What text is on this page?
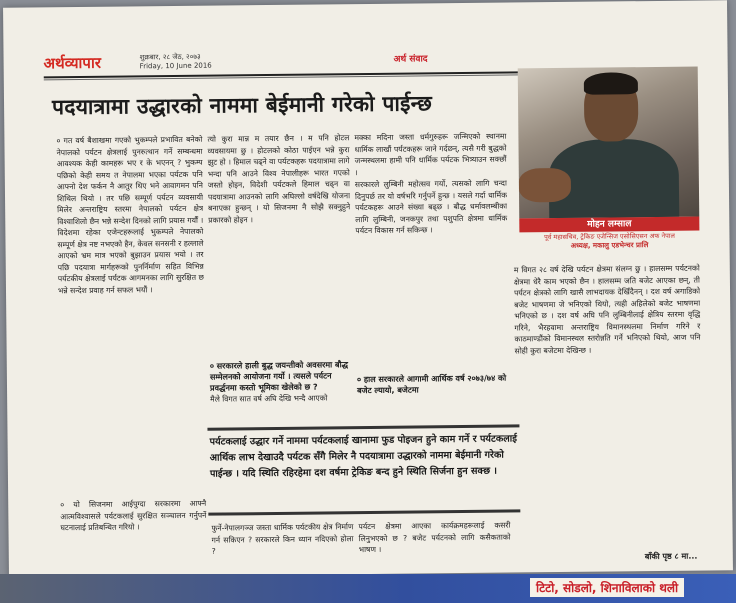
अर्थव्यापार	शुक्रबार, २८ जेठ, २०७३
Friday, 10 June 2016
अर्थ संवाद
पदयात्रामा उद्धारको नाममा बेईमानी गरेको पाईन्छ
मोहन लम्साल
पूर्व महासचिव, ट्रेकिङ एजेन्सिज एसोसिएसन अफ नेपाल
अध्यक्ष, मकालु एडभेन्चर प्रालि
० गत वर्ष बैशाखमा गएको भुकम्पले प्रभावित बनेको नेपालको पर्यटन क्षेत्रलाई पुनरुत्थान गर्ने सम्बन्धमा आवश्यक केही कामहरू भए र के भएनन् ? भुकम्प पछिको केही समय त नेपालमा भएका पर्यटक पनि आफ्नो देश फर्कन नै आतुर थिए भने आवागमन पनि शिथिल थियो । तर पछि सम्पूर्ण पर्यटन व्यवसायी मिलेर अन्तराष्ट्रिय स्तरमा नेपालको पर्यटन क्षेत्र विश्वाशिलो छैन भन्ने सन्देश दिनको लागि प्रयास गर्यौं । विदेशमा रहेका एजेन्टहरूलाई भुकम्पले नेपालको सम्पूर्ण क्षेत्र नष्ट नभएको हैन, केवल सनसनी र हल्लाले आएको भ्रम मात्र भएको बुझाउन प्रयास भयो । तर पछि पदयात्रा मार्गहरूको पुनर्निर्माण सहित विभिन्न पर्यटकीय क्षेत्रलाई पर्यटक आगमनका लागि सुरक्षित छ भन्ने सन्देश प्रवाह गर्न सफल भयौं ।
त्यो कुरा मान्न म तयार छैन । म पनि होटल व्यवसायमा छु । होटलको कोठा पाईएन भन्ने कुरा झुट हो । हिमाल चढ्ने वा पर्यटकहरू पदयात्रामा लागे भन्दा पनि आउने विश्व नेपालीहरू भारत गएको जस्तो होइन, विदेशी पर्यटकले हिमाल चढ्न वा पदयात्रामा आउनको लागि अघिल्लो वर्षदेखि योजना बनाएका हुन्छन् । यो सिजनमा नै सोझै सक्नुहुने प्रकारको होइन ।
मक्का मदिना जस्ता धर्मगुरुहरू जन्मिएको स्थानमा धार्मिक लाखौं पर्यटकहरू जाने गर्दछन्, त्यसै गरी बुद्धको जन्मस्थलमा हामी पनि धार्मिक पर्यटक भित्र्याउन सक्छौं ।
सरकारले लुम्बिनी महोत्सव गर्यो, त्यसको लागि चन्दा दिनुपर्छ तर यो वर्षभरि गर्नुपर्ने हुन्छ । यसले गर्दा धार्मिक पर्यटकहरू आउने संख्या बढ्छ । बौद्ध धर्मावलम्बीका लागि लुम्बिनी, जनकपुर तथा पशुपति क्षेत्रमा धार्मिक पर्यटन विकास गर्न सकिन्छ ।
म विगत २८ वर्ष देखि पर्यटन क्षेत्रमा संलग्न छु । हालसम्म पर्यटनको क्षेत्रमा धेरै काम भएको छैन । हालसम्म जति बजेट आएका छन्, ती पर्यटन क्षेत्रको लागि खासै लाभदायक देखिँदैनन् । दश वर्ष अगाडिको बजेट भाषणमा जे भनिएको थियो, त्यही अहिलेको बजेट भाषणमा भनिएको छ । दश वर्ष अघि पनि लुम्बिनीलाई क्षेत्रिय स्तरमा वृद्धि गरिने, भैरहवामा अन्तराष्ट्रिय विमानस्थलमा निर्माण गरिने र काठमाण्डौंको विमानस्थल स्तरोन्नति गर्ने भनिएको थियो, आज पनि सोही कुरा बजेटमा देखिन्छ ।
० सरकारले हाली बुद्ध जयन्तीको अवसरमा बौद्ध सम्मेलनको आयोजना गर्यो । त्यसले पर्यटन प्रवर्द्धनमा कस्तो भूमिका खेलेको छ ?
मैले विगत सात वर्ष अघि देखि भन्दै आएको
० हाल सरकारले आगामी आर्थिक वर्ष २०७३/७४ को बजेट ल्यायो, बजेटमा
पर्यटकलाई उद्धार गर्ने नाममा पर्यटकलाई खानामा फुड पोइजन हुने काम गर्ने र पर्यटकलाई आर्थिक लाभ देखाउदै पर्यटक सँगै मिलेर नै पदयात्रामा उद्धारको नाममा बेईमानी गरेको पाईन्छ । यदि स्थिति रहिरहेमा दश वर्षमा ट्रेकिङ बन्द हुने स्थिति सिर्जना हुन सक्छ ।
० यो सिजनमा आईपुग्दा सरकारमा आफ्नै आत्मविश्वासले पर्यटकलाई सुरक्षित सञ्चालन गर्नुपर्ने घटनालाई प्रतिबन्धित गरियो ।	फुर्ने-नेपालगञ्ज जस्ता धार्मिक पर्यटकीय क्षेत्र निर्माण गर्न सकिएन ? सरकारले किन ध्यान नदिएको होला ?
पर्यटन क्षेत्रमा आएका कार्यक्रमहरूलाई कसरी लिनुभएको छ ? बजेट पर्यटनको लागि कसैकताको भाषण ।
बाँकी पृष्ठ ८ मा...
टिटो, सोडलो, शिनाविलाको थली
